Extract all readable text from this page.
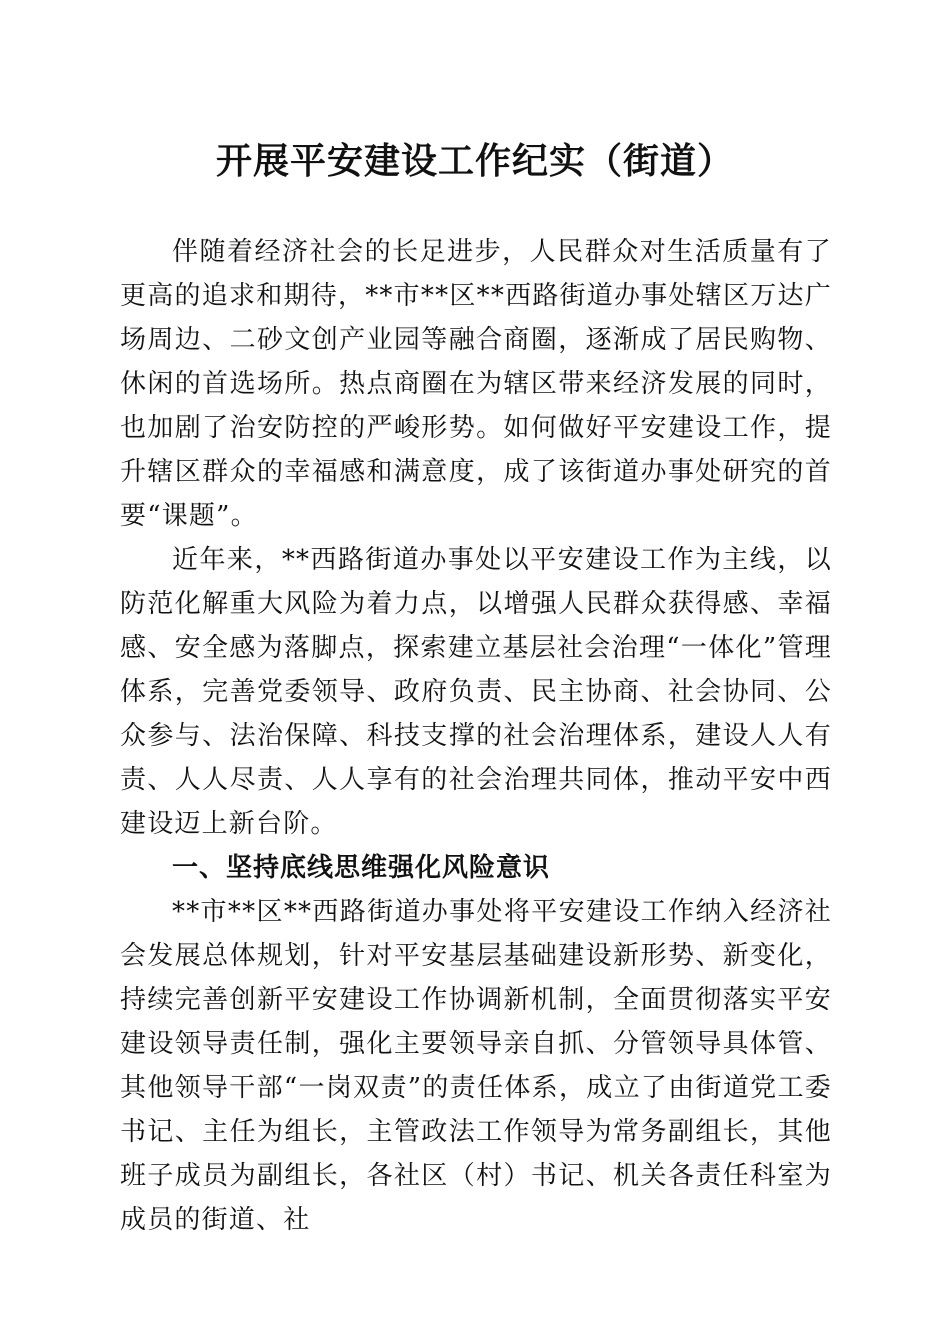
开展平安建设工作纪实（街道）

伴随着经济社会的长足进步，人民群众对生活质量有了更高的追求和期待，**市**区**西路街道办事处辖区万达广场周边、二砂文创产业园等融合商圈，逐渐成了居民购物、休闲的首选场所。热点商圈在为辖区带来经济发展的同时，也加剧了治安防控的严峻形势。如何做好平安建设工作，提升辖区群众的幸福感和满意度，成了该街道办事处研究的首要“课题”。

近年来，**西路街道办事处以平安建设工作为主线，以防范化解重大风险为着力点，以增强人民群众获得感、幸福感、安全感为落脚点，探索建立基层社会治理“一体化”管理体系，完善党委领导、政府负责、民主协商、社会协同、公众参与、法治保障、科技支撑的社会治理体系，建设人人有责、人人尽责、人人享有的社会治理共同体，推动平安中西建设迈上新台阶。

一、坚持底线思维强化风险意识

**市**区**西路街道办事处将平安建设工作纳入经济社会发展总体规划，针对平安基层基础建设新形势、新变化，持续完善创新平安建设工作协调新机制，全面贯彻落实平安建设领导责任制，强化主要领导亲自抓、分管领导具体管、其他领导干部“一岗双责”的责任体系，成立了由街道党工委书记、主任为组长，主管政法工作领导为常务副组长，其他班子成员为副组长，各社区（村）书记、机关各责任科室为成员的街道、社
